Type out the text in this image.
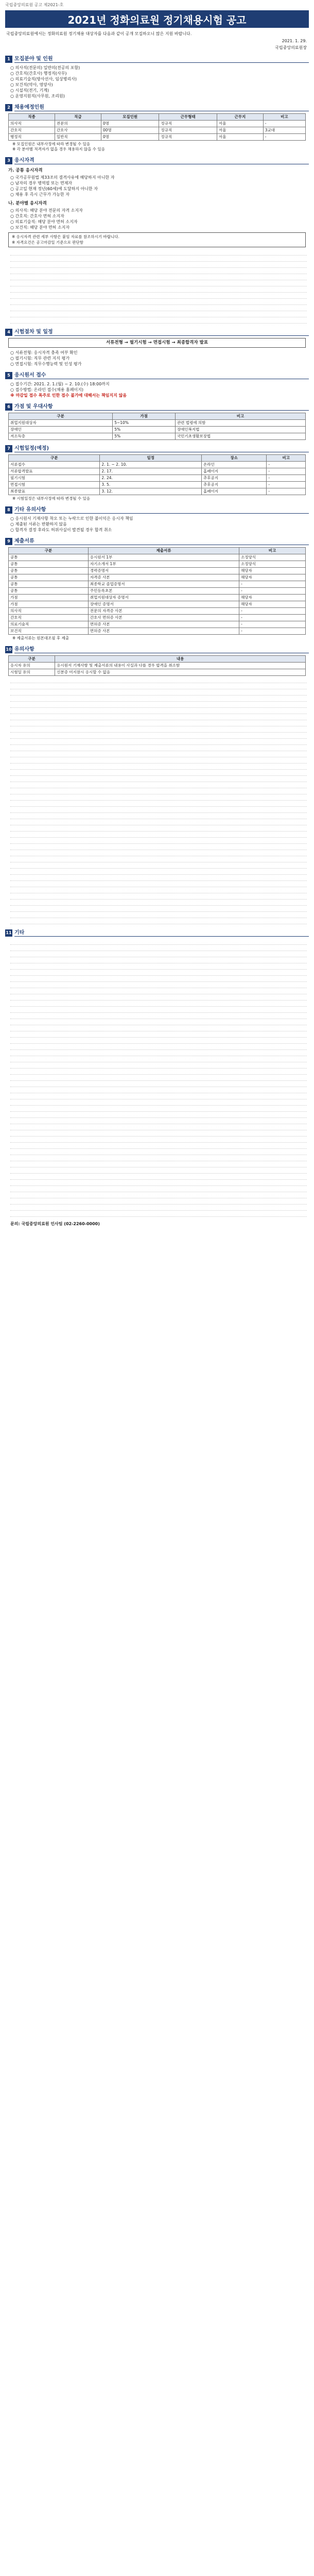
국립중앙의료원 공고 제2021-호
2021년 정화의료원 정기채용시험 공고
국립중앙의료원에서는 정화의료원 정기채용 대상자를 다음과 같이 공개 모집하오니 많은 지원 바랍니다.
2021. 1. 29.
국립중앙의료원장
1 모집분야 및 인원
○ 의사직(전문의) 일반의(전공의 포함)
○ 간호직(간호사) 행정직(사무)
○ 의료기술직(방사선사, 임상병리사)
○ 보건직(약사, 영양사)
○ 시설직(전기, 기계)
○ 운영지원직(사무원, 조리원)
2 채용예정인원
직종	직급	모집인원	근무형태	근무지	비고
의사직	전문의	0명	정규직	서울	-
간호직	간호사	00명	정규직	서울	3교대
행정직	일반직	0명	정규직	서울	-
※ 모집인원은 내부사정에 따라 변경될 수 있음
※ 각 분야별 적격자가 없을 경우 채용하지 않을 수 있음
3 응시자격
가. 공통 응시자격
○ 국가공무원법 제33조의 결격사유에 해당하지 아니한 자
○ 남자의 경우 병역필 또는 면제자
○ 공고일 현재 정년(60세)에 도달하지 아니한 자
○ 채용 후 즉시 근무가 가능한 자
나. 분야별 응시자격
○ 의사직: 해당 분야 전문의 자격 소지자
○ 간호직: 간호사 면허 소지자
○ 의료기술직: 해당 분야 면허 소지자
○ 보건직: 해당 분야 면허 소지자
※ 응시자격 관련 세부 사항은 붙임 자료를 참조하시기 바랍니다.
※ 자격요건은 공고마감일 기준으로 판단함
4 시험절차 및 일정
서류전형 → 필기시험 → 면접시험 → 최종합격자 발표
○ 서류전형: 응시자격 충족 여부 확인
○ 필기시험: 직무 관련 지식 평가
○ 면접시험: 직무수행능력 및 인성 평가
5 응시원서 접수
○ 접수기간: 2021. 2. 1.(월) ~ 2. 10.(수) 18:00까지
○ 접수방법: 온라인 접수(채용 홈페이지)
※ 마감일 접수 폭주로 인한 접수 불가에 대해서는 책임지지 않음
6 가점 및 우대사항
구분	가점	비고
취업지원대상자	5~10%	관련 법령에 의함
장애인	5%	장애인복지법
저소득층	5%	국민기초생활보장법
7 시험일정(예정)
구분	일정	장소	비고
서류접수	2. 1. ~ 2. 10.	온라인	-
서류합격발표	2. 17.	홈페이지	-
필기시험	2. 24.	추후공지	-
면접시험	3. 5.	추후공지	-
최종발표	3. 12.	홈페이지	-
※ 시험일정은 내부사정에 따라 변경될 수 있음
8 기타 유의사항
○ 응시원서 기재사항 착오 또는 누락으로 인한 불이익은 응시자 책임
○ 제출된 서류는 반환하지 않음
○ 합격자 결정 후라도 허위사실이 발견될 경우 합격 취소
9 제출서류
구분	제출서류	비고
공통	응시원서 1부	소정양식
공통	자기소개서 1부	소정양식
공통	경력증명서	해당자
공통	자격증 사본	해당자
공통	최종학교 졸업증명서	-
공통	주민등록초본	-
가점	취업지원대상자 증명서	해당자
가점	장애인 증명서	해당자
의사직	전문의 자격증 사본	-
간호직	간호사 면허증 사본	-
의료기술직	면허증 사본	-
보건직	면허증 사본	-
※ 제출서류는 원본대조필 후 제출
10 유의사항
구분	내용
응시자 유의	응시원서 기재사항 및 제출서류의 내용이 사실과 다를 경우 합격을 취소함
시험일 유의	신분증 미지참시 응시할 수 없음
11 기타
문의: 국립중앙의료원 인사팀 (02-2260-0000)
